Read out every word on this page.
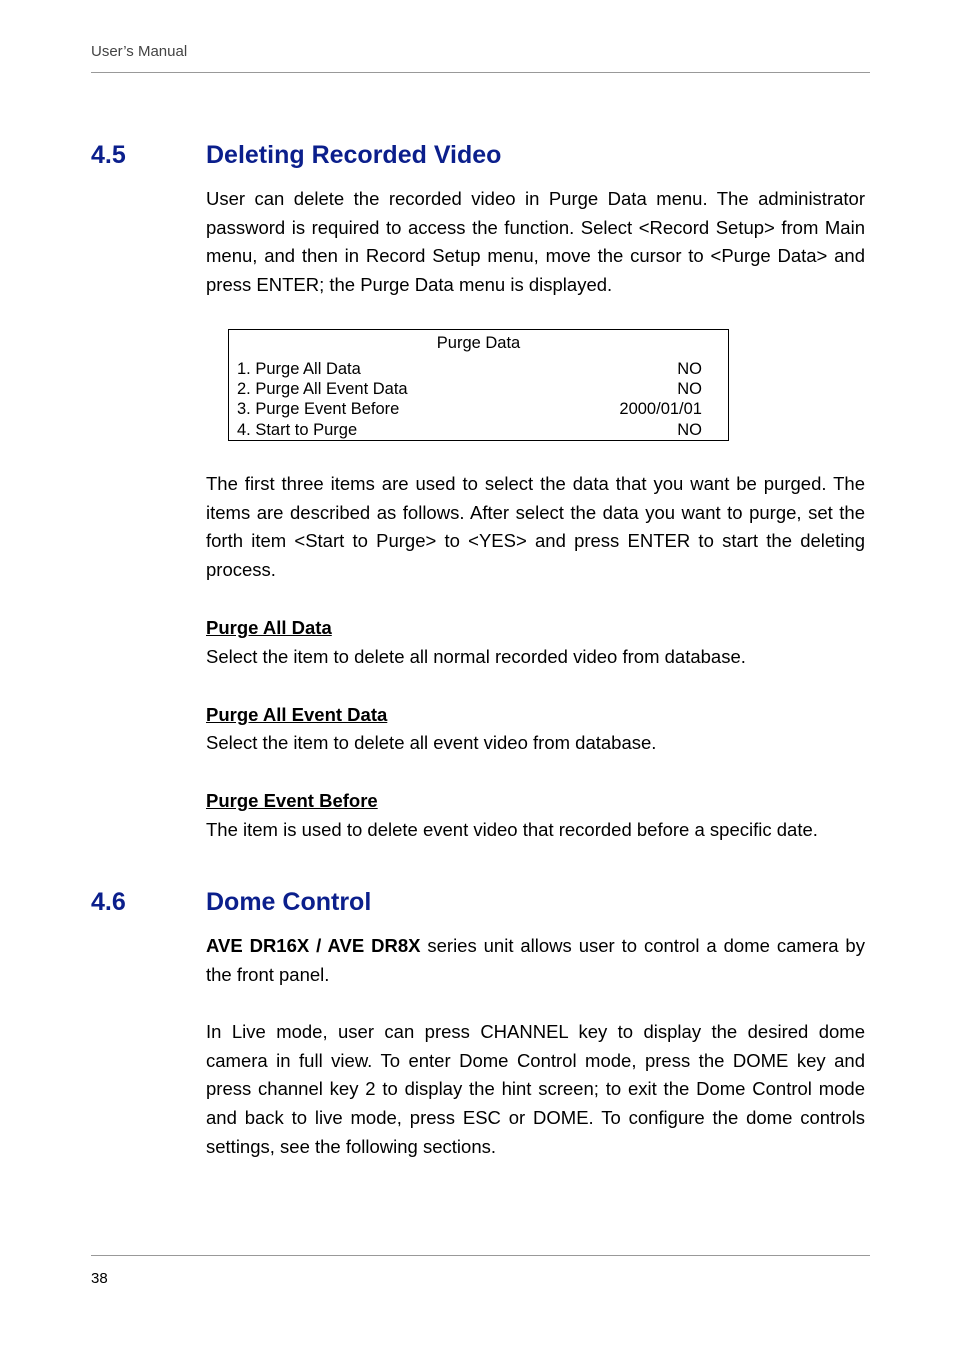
User’s Manual
4.5	Deleting Recorded Video
User can delete the recorded video in Purge Data menu. The administrator password is required to access the function. Select <Record Setup> from Main menu, and then in Record Setup menu, move the cursor to <Purge Data> and press ENTER; the Purge Data menu is displayed.
Purge Data
1. Purge All Data	NO
2. Purge All Event Data	NO
3. Purge Event Before	2000/01/01
4. Start to Purge	NO
The first three items are used to select the data that you want be purged. The items are described as follows. After select the data you want to purge, set the forth item <Start to Purge> to <YES> and press ENTER to start the deleting process.
Purge All Data
Select the item to delete all normal recorded video from database.
Purge All Event Data
Select the item to delete all event video from database.
Purge Event Before
The item is used to delete event video that recorded before a specific date.
4.6	Dome Control
AVE DR16X / AVE DR8X series unit allows user to control a dome camera by the front panel.
In Live mode, user can press CHANNEL key to display the desired dome camera in full view. To enter Dome Control mode, press the DOME key and press channel key 2 to display the hint screen; to exit the Dome Control mode and back to live mode, press ESC or DOME. To configure the dome controls settings, see the following sections.
38
